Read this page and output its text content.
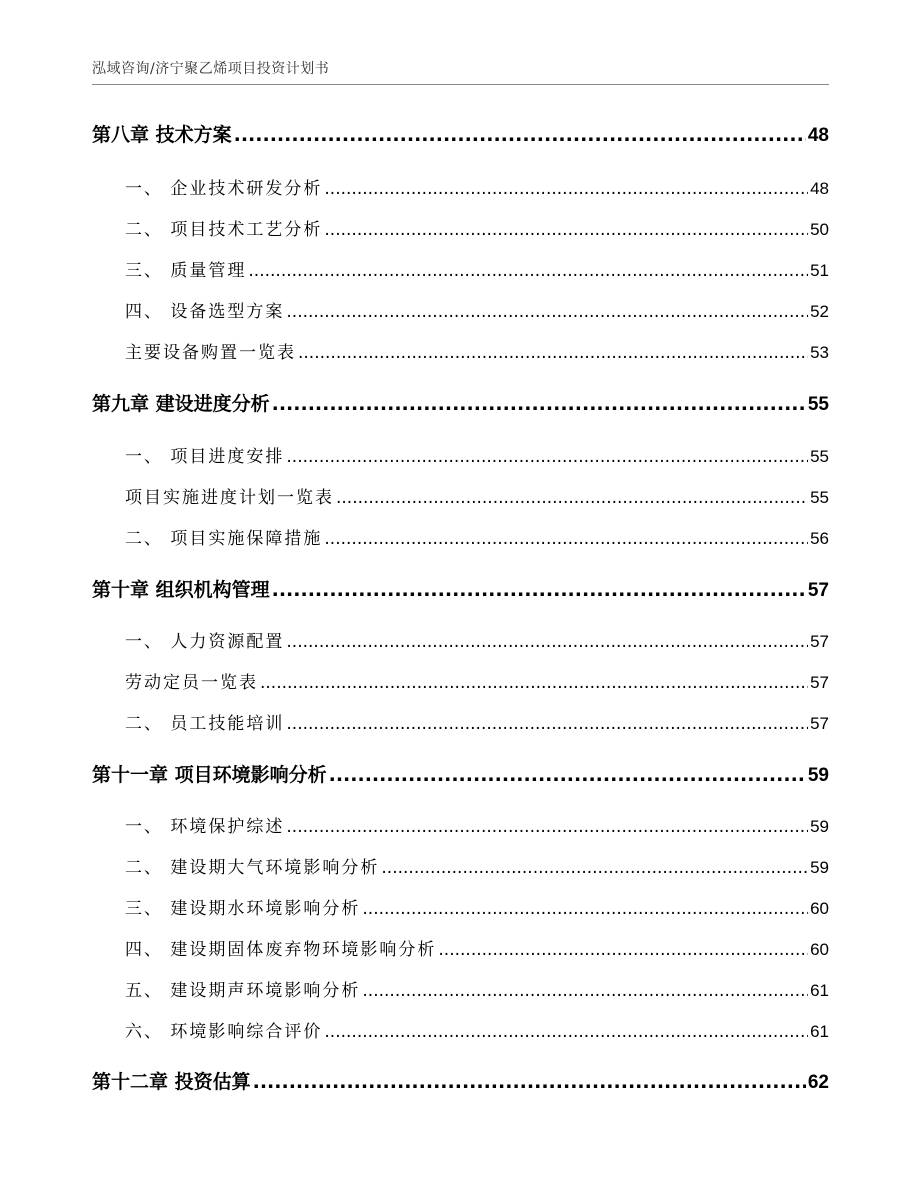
泓域咨询/济宁聚乙烯项目投资计划书
第八章 技术方案 .....	48
一、 企业技术研发分析 .....	48
二、 项目技术工艺分析 .....	50
三、 质量管理 .....	51
四、 设备选型方案 .....	52
主要设备购置一览表 .....	53
第九章 建设进度分析 .....	55
一、 项目进度安排 .....	55
项目实施进度计划一览表 .....	55
二、 项目实施保障措施 .....	56
第十章 组织机构管理 .....	57
一、 人力资源配置 .....	57
劳动定员一览表 .....	57
二、 员工技能培训 .....	57
第十一章 项目环境影响分析 .....	59
一、 环境保护综述 .....	59
二、 建设期大气环境影响分析 .....	59
三、 建设期水环境影响分析 .....	60
四、 建设期固体废弃物环境影响分析 .....	60
五、 建设期声环境影响分析 .....	61
六、 环境影响综合评价 .....	61
第十二章 投资估算 .....	62
